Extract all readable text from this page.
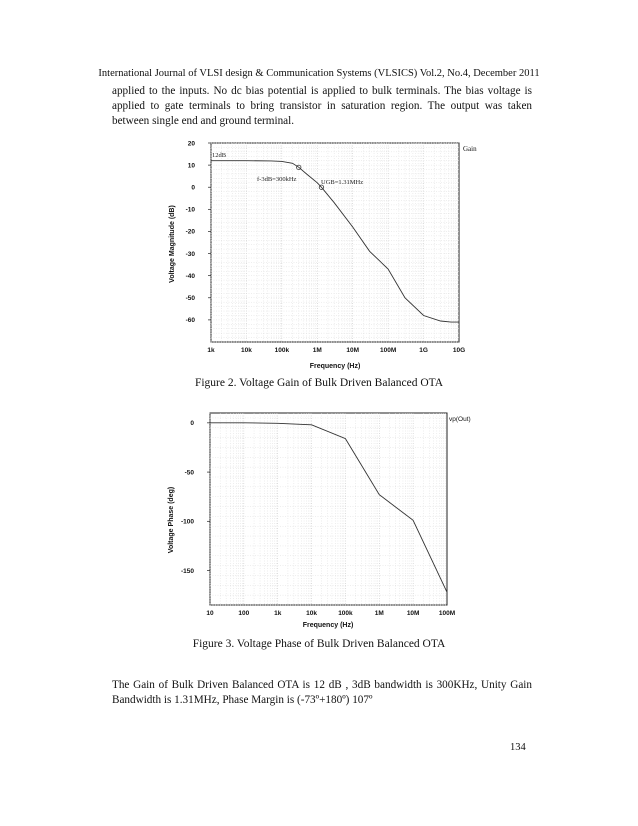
International Journal of VLSI design & Communication Systems (VLSICS) Vol.2, No.4, December 2011
applied to the inputs. No dc bias potential is applied to bulk terminals. The bias voltage is applied to gate terminals to bring transistor in saturation region. The output was taken between single end and ground terminal.
20
10
0
-10
-20
-30
-40
-50
-60
1k	10k	100k	1M	10M	100M	1G	10G
12dB
f-3dB=300kHz	UGB=1.31MHz
Gain
Frequency (Hz)
Voltage Magnitude (dB)
0
-50
-100
-150
10	100	1k	10k	100k	1M	10M	100M
vp(Out)
Frequency (Hz)
Voltage Phase (deg)
Figure 2. Voltage Gain of Bulk Driven Balanced OTA
Figure 3. Voltage Phase of Bulk Driven Balanced OTA
The Gain of Bulk Driven Balanced OTA is 12 dB , 3dB bandwidth is 300KHz, Unity Gain Bandwidth is 1.31MHz, Phase Margin is (-73º+180º) 107º
134
